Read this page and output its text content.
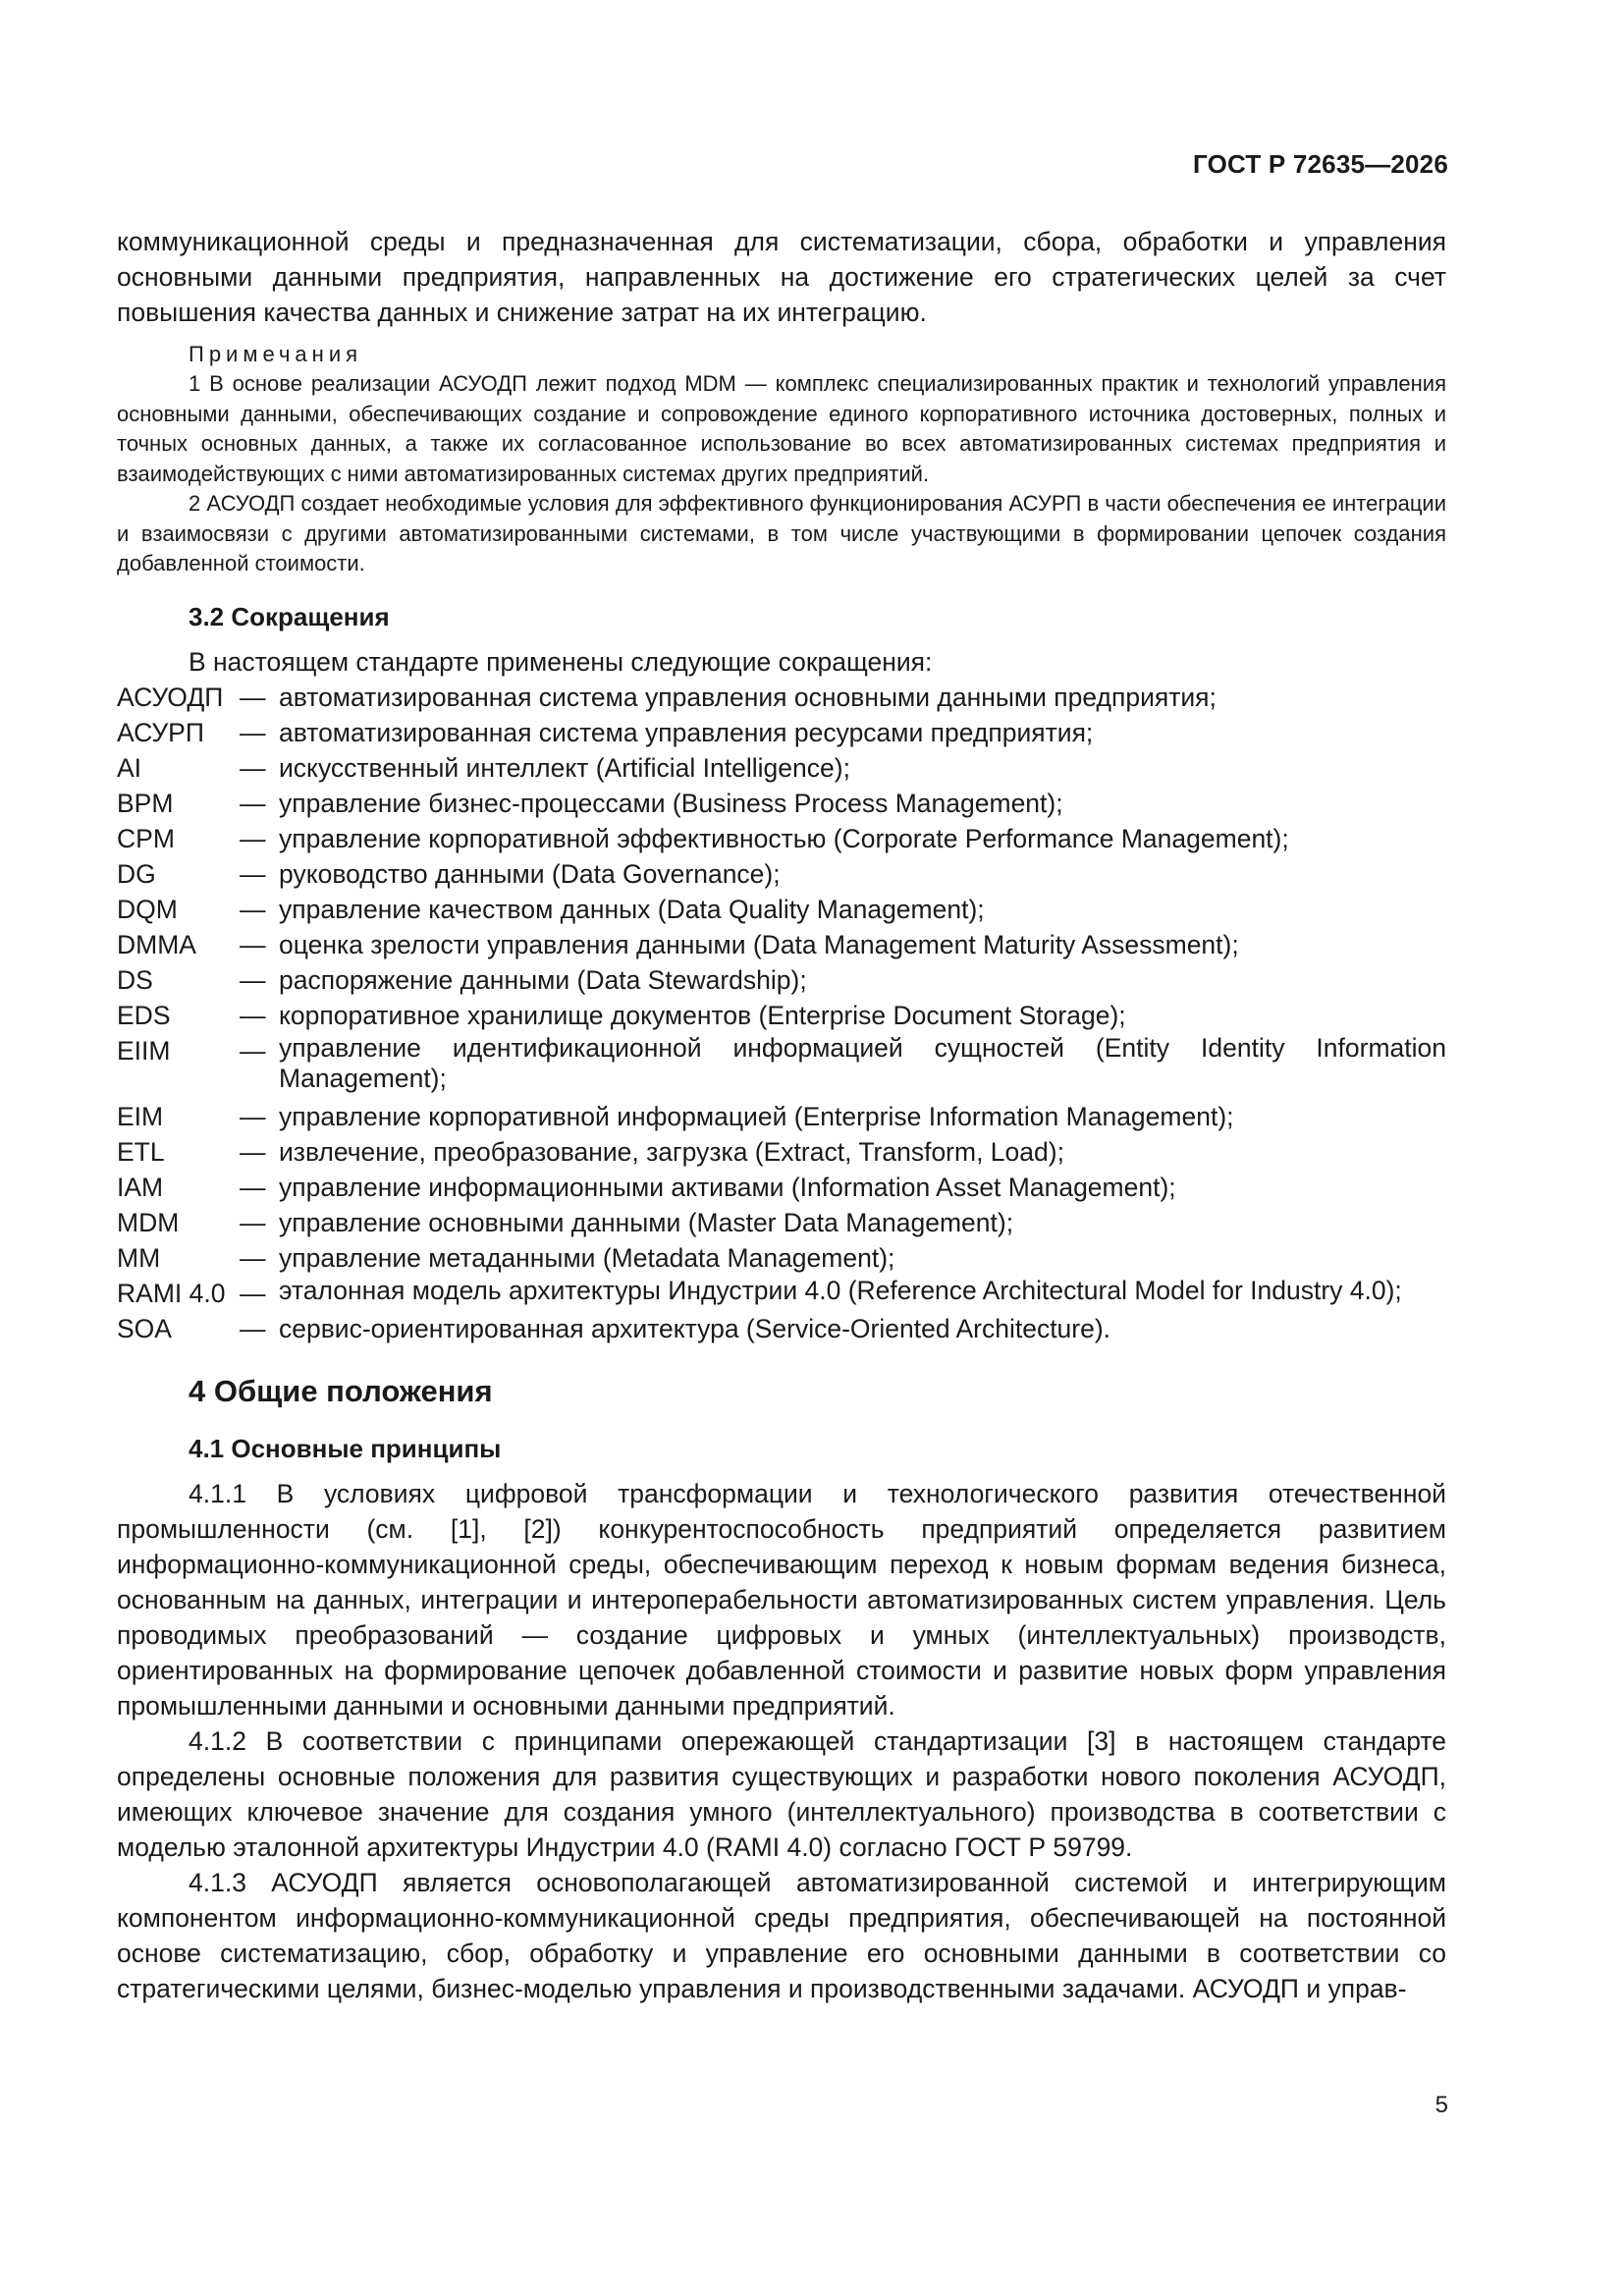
ГОСТ Р 72635—2026

коммуникационной среды и предназначенная для систематизации, сбора, обработки и управления основными данными предприятия, направленных на достижение его стратегических целей за счет повышения качества данных и снижение затрат на их интеграцию.

Примечания

1 В основе реализации АСУОДП лежит подход MDM — комплекс специализированных практик и технологий управления основными данными, обеспечивающих создание и сопровождение единого корпоративного источника достоверных, полных и точных основных данных, а также их согласованное использование во всех автоматизированных системах предприятия и взаимодействующих с ними автоматизированных системах других предприятий.

2 АСУОДП создает необходимые условия для эффективного функционирования АСУРП в части обеспечения ее интеграции и взаимосвязи с другими автоматизированными системами, в том числе участвующими в формировании цепочек создания добавленной стоимости.

3.2 Сокращения

В настоящем стандарте применены следующие сокращения:

АСУОДП — автоматизированная система управления основными данными предприятия;
АСУРП	— автоматизированная система управления ресурсами предприятия;
AI	— искусственный интеллект (Artificial Intelligence);
BPM	— управление бизнес-процессами (Business Process Management);
CPM	— управление корпоративной эффективностью (Corporate Performance Management);
DG	— руководство данными (Data Governance);
DQM	— управление качеством данных (Data Quality Management);
DMMA	— оценка зрелости управления данными (Data Management Maturity Assessment);
DS	— распоряжение данными (Data Stewardship);
EDS	— корпоративное хранилище документов (Enterprise Document Storage);
EIIM	— управление идентификационной информацией сущностей (Entity Identity Information Management);
EIM	— управление корпоративной информацией (Enterprise Information Management);
ETL	— извлечение, преобразование, загрузка (Extract, Transform, Load);
IAM	— управление информационными активами (Information Asset Management);
MDM	— управление основными данными (Master Data Management);
MM	— управление метаданными (Metadata Management);
RAMI 4.0 — эталонная модель архитектуры Индустрии 4.0 (Reference Architectural Model for Industry 4.0);
SOA	— сервис-ориентированная архитектура (Service-Oriented Architecture).
4 Общие положения
4.1 Основные принципы

4.1.1 В условиях цифровой трансформации и технологического развития отечественной промышленности (см. [1], [2]) конкурентоспособность предприятий определяется развитием информационно-коммуникационной среды, обеспечивающим переход к новым формам ведения бизнеса, основанным на данных, интеграции и интероперабельности автоматизированных систем управления. Цель проводимых преобразований — создание цифровых и умных (интеллектуальных) производств, ориентированных на формирование цепочек добавленной стоимости и развитие новых форм управления промышленными данными и основными данными предприятий.

4.1.2 В соответствии с принципами опережающей стандартизации [3] в настоящем стандарте определены основные положения для развития существующих и разработки нового поколения АСУОДП, имеющих ключевое значение для создания умного (интеллектуального) производства в соответствии с моделью эталонной архитектуры Индустрии 4.0 (RAMI 4.0) согласно ГОСТ Р 59799.

4.1.3 АСУОДП является основополагающей автоматизированной системой и интегрирующим компонентом информационно-коммуникационной среды предприятия, обеспечивающей на постоянной основе систематизацию, сбор, обработку и управление его основными данными в соответствии со стратегическими целями, бизнес-моделью управления и производственными задачами. АСУОДП и управ-

5
